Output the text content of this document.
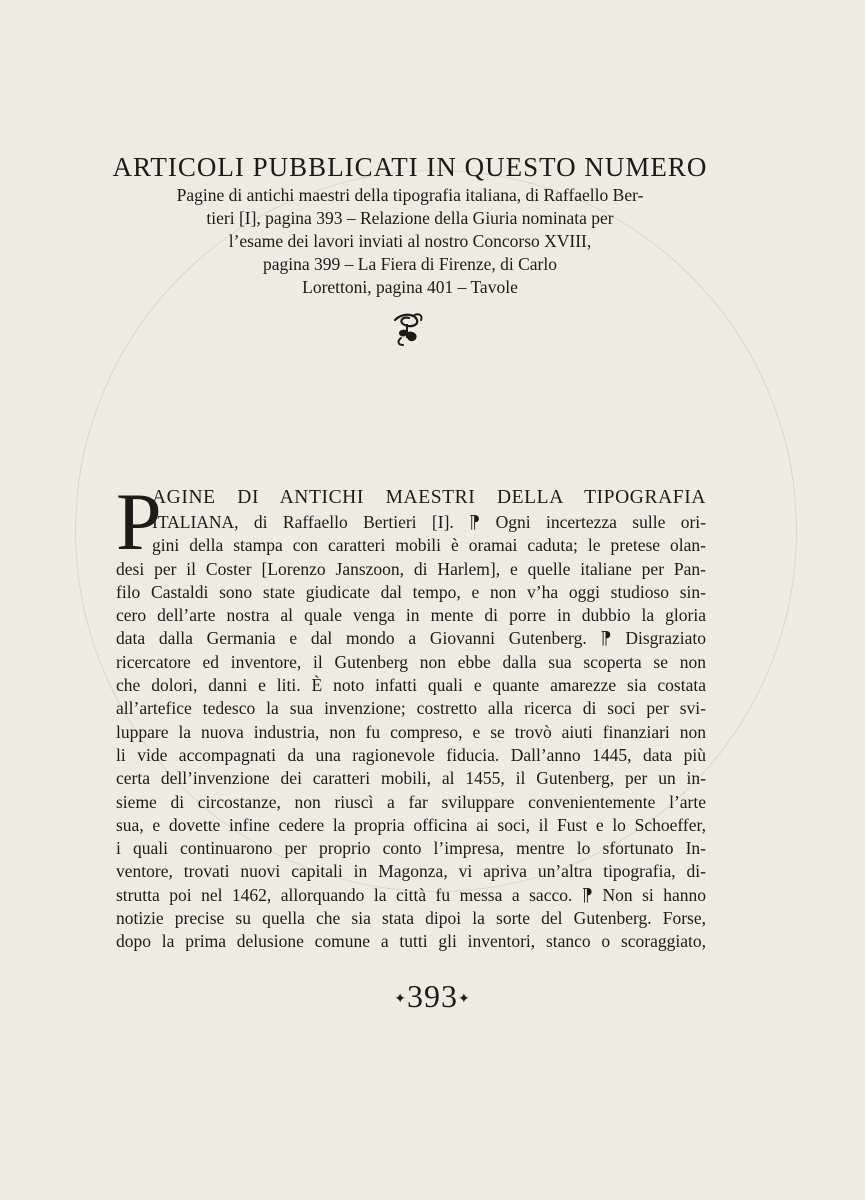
ARTICOLI PUBBLICATI IN QUESTO NUMERO
Pagine di antichi maestri della tipografia italiana, di Raffaello Ber-
tieri [I], pagina 393 – Relazione della Giuria nominata per
l’esame dei lavori inviati al nostro Concorso XVIII,
pagina 399 – La Fiera di Firenze, di Carlo
Lorettoni, pagina 401 – Tavole
P
AGINE DI ANTICHI MAESTRI DELLA TIPOGRAFIA
ITALIANA, di Raffaello Bertieri [I]. ⁋ Ogni incertezza sulle ori-
gini della stampa con caratteri mobili è oramai caduta; le pretese olan-
desi per il Coster [Lorenzo Janszoon, di Harlem], e quelle italiane per Pan-
filo Castaldi sono state giudicate dal tempo, e non v’ha oggi studioso sin-
cero dell’arte nostra al quale venga in mente di porre in dubbio la gloria
data dalla Germania e dal mondo a Giovanni Gutenberg. ⁋ Disgraziato
ricercatore ed inventore, il Gutenberg non ebbe dalla sua scoperta se non
che dolori, danni e liti. È noto infatti quali e quante amarezze sia costata
all’artefice tedesco la sua invenzione; costretto alla ricerca di soci per svi-
luppare la nuova industria, non fu compreso, e se trovò aiuti finanziari non
li vide accompagnati da una ragionevole fiducia. Dall’anno 1445, data più
certa dell’invenzione dei caratteri mobili, al 1455, il Gutenberg, per un in-
sieme di circostanze, non riuscì a far sviluppare convenientemente l’arte
sua, e dovette infine cedere la propria officina ai soci, il Fust e lo Schoeffer,
i quali continuarono per proprio conto l’impresa, mentre lo sfortunato In-
ventore, trovati nuovi capitali in Magonza, vi apriva un’altra tipografia, di-
strutta poi nel 1462, allorquando la città fu messa a sacco. ⁋ Non si hanno
notizie precise su quella che sia stata dipoi la sorte del Gutenberg. Forse,
dopo la prima delusione comune a tutti gli inventori, stanco o scoraggiato,
✦393✦
